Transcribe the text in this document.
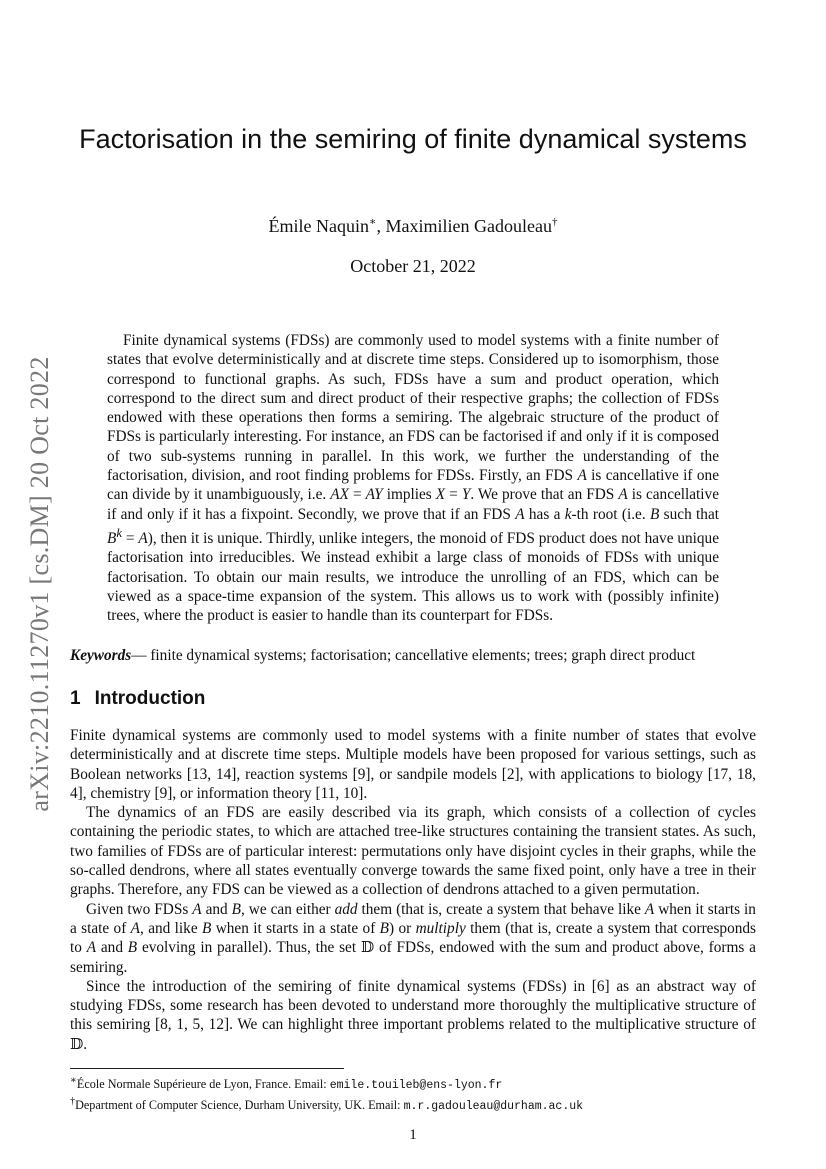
arXiv:2210.11270v1 [cs.DM] 20 Oct 2022
Factorisation in the semiring of finite dynamical systems
Émile Naquin∗, Maximilien Gadouleau†
October 21, 2022

Finite dynamical systems (FDSs) are commonly used to model systems with a finite number of states that evolve deterministically and at discrete time steps. Considered up to isomorphism, those correspond to functional graphs. As such, FDSs have a sum and product operation, which correspond to the direct sum and direct product of their respective graphs; the collection of FDSs endowed with these operations then forms a semiring. The algebraic structure of the product of FDSs is particularly interesting. For instance, an FDS can be factorised if and only if it is composed of two sub-systems running in parallel. In this work, we further the understanding of the factorisation, division, and root finding problems for FDSs. Firstly, an FDS A is cancellative if one can divide by it unambiguously, i.e. AX = AY implies X = Y. We prove that an FDS A is cancellative if and only if it has a fixpoint. Secondly, we prove that if an FDS A has a k-th root (i.e. B such that $B^k = A$), then it is unique. Thirdly, unlike integers, the monoid of FDS product does not have unique factorisation into irreducibles. We instead exhibit a large class of monoids of FDSs with unique factorisation. To obtain our main results, we introduce the unrolling of an FDS, which can be viewed as a space-time expansion of the system. This allows us to work with (possibly infinite) trees, where the product is easier to handle than its counterpart for FDSs.

Keywords— finite dynamical systems; factorisation; cancellative elements; trees; graph direct product
1 Introduction

Finite dynamical systems are commonly used to model systems with a finite number of states that evolve deterministically and at discrete time steps. Multiple models have been proposed for various settings, such as Boolean networks [13, 14], reaction systems [9], or sandpile models [2], with applications to biology [17, 18, 4], chemistry [9], or information theory [11, 10].

The dynamics of an FDS are easily described via its graph, which consists of a collection of cycles containing the periodic states, to which are attached tree-like structures containing the transient states. As such, two families of FDSs are of particular interest: permutations only have disjoint cycles in their graphs, while the so-called dendrons, where all states eventually converge towards the same fixed point, only have a tree in their graphs. Therefore, any FDS can be viewed as a collection of dendrons attached to a given permutation.

Given two FDSs A and B, we can either add them (that is, create a system that behave like A when it starts in a state of A, and like B when it starts in a state of B) or multiply them (that is, create a system that corresponds to A and B evolving in parallel). Thus, the set 𝔻 of FDSs, endowed with the sum and product above, forms a semiring.

Since the introduction of the semiring of finite dynamical systems (FDSs) in [6] as an abstract way of studying FDSs, some research has been devoted to understand more thoroughly the multiplicative structure of this semiring [8, 1, 5, 12]. We can highlight three important problems related to the multiplicative structure of 𝔻.

∗École Normale Supérieure de Lyon, France. Email: emile.touileb@ens-lyon.fr
†Department of Computer Science, Durham University, UK. Email: m.r.gadouleau@durham.ac.uk
1
